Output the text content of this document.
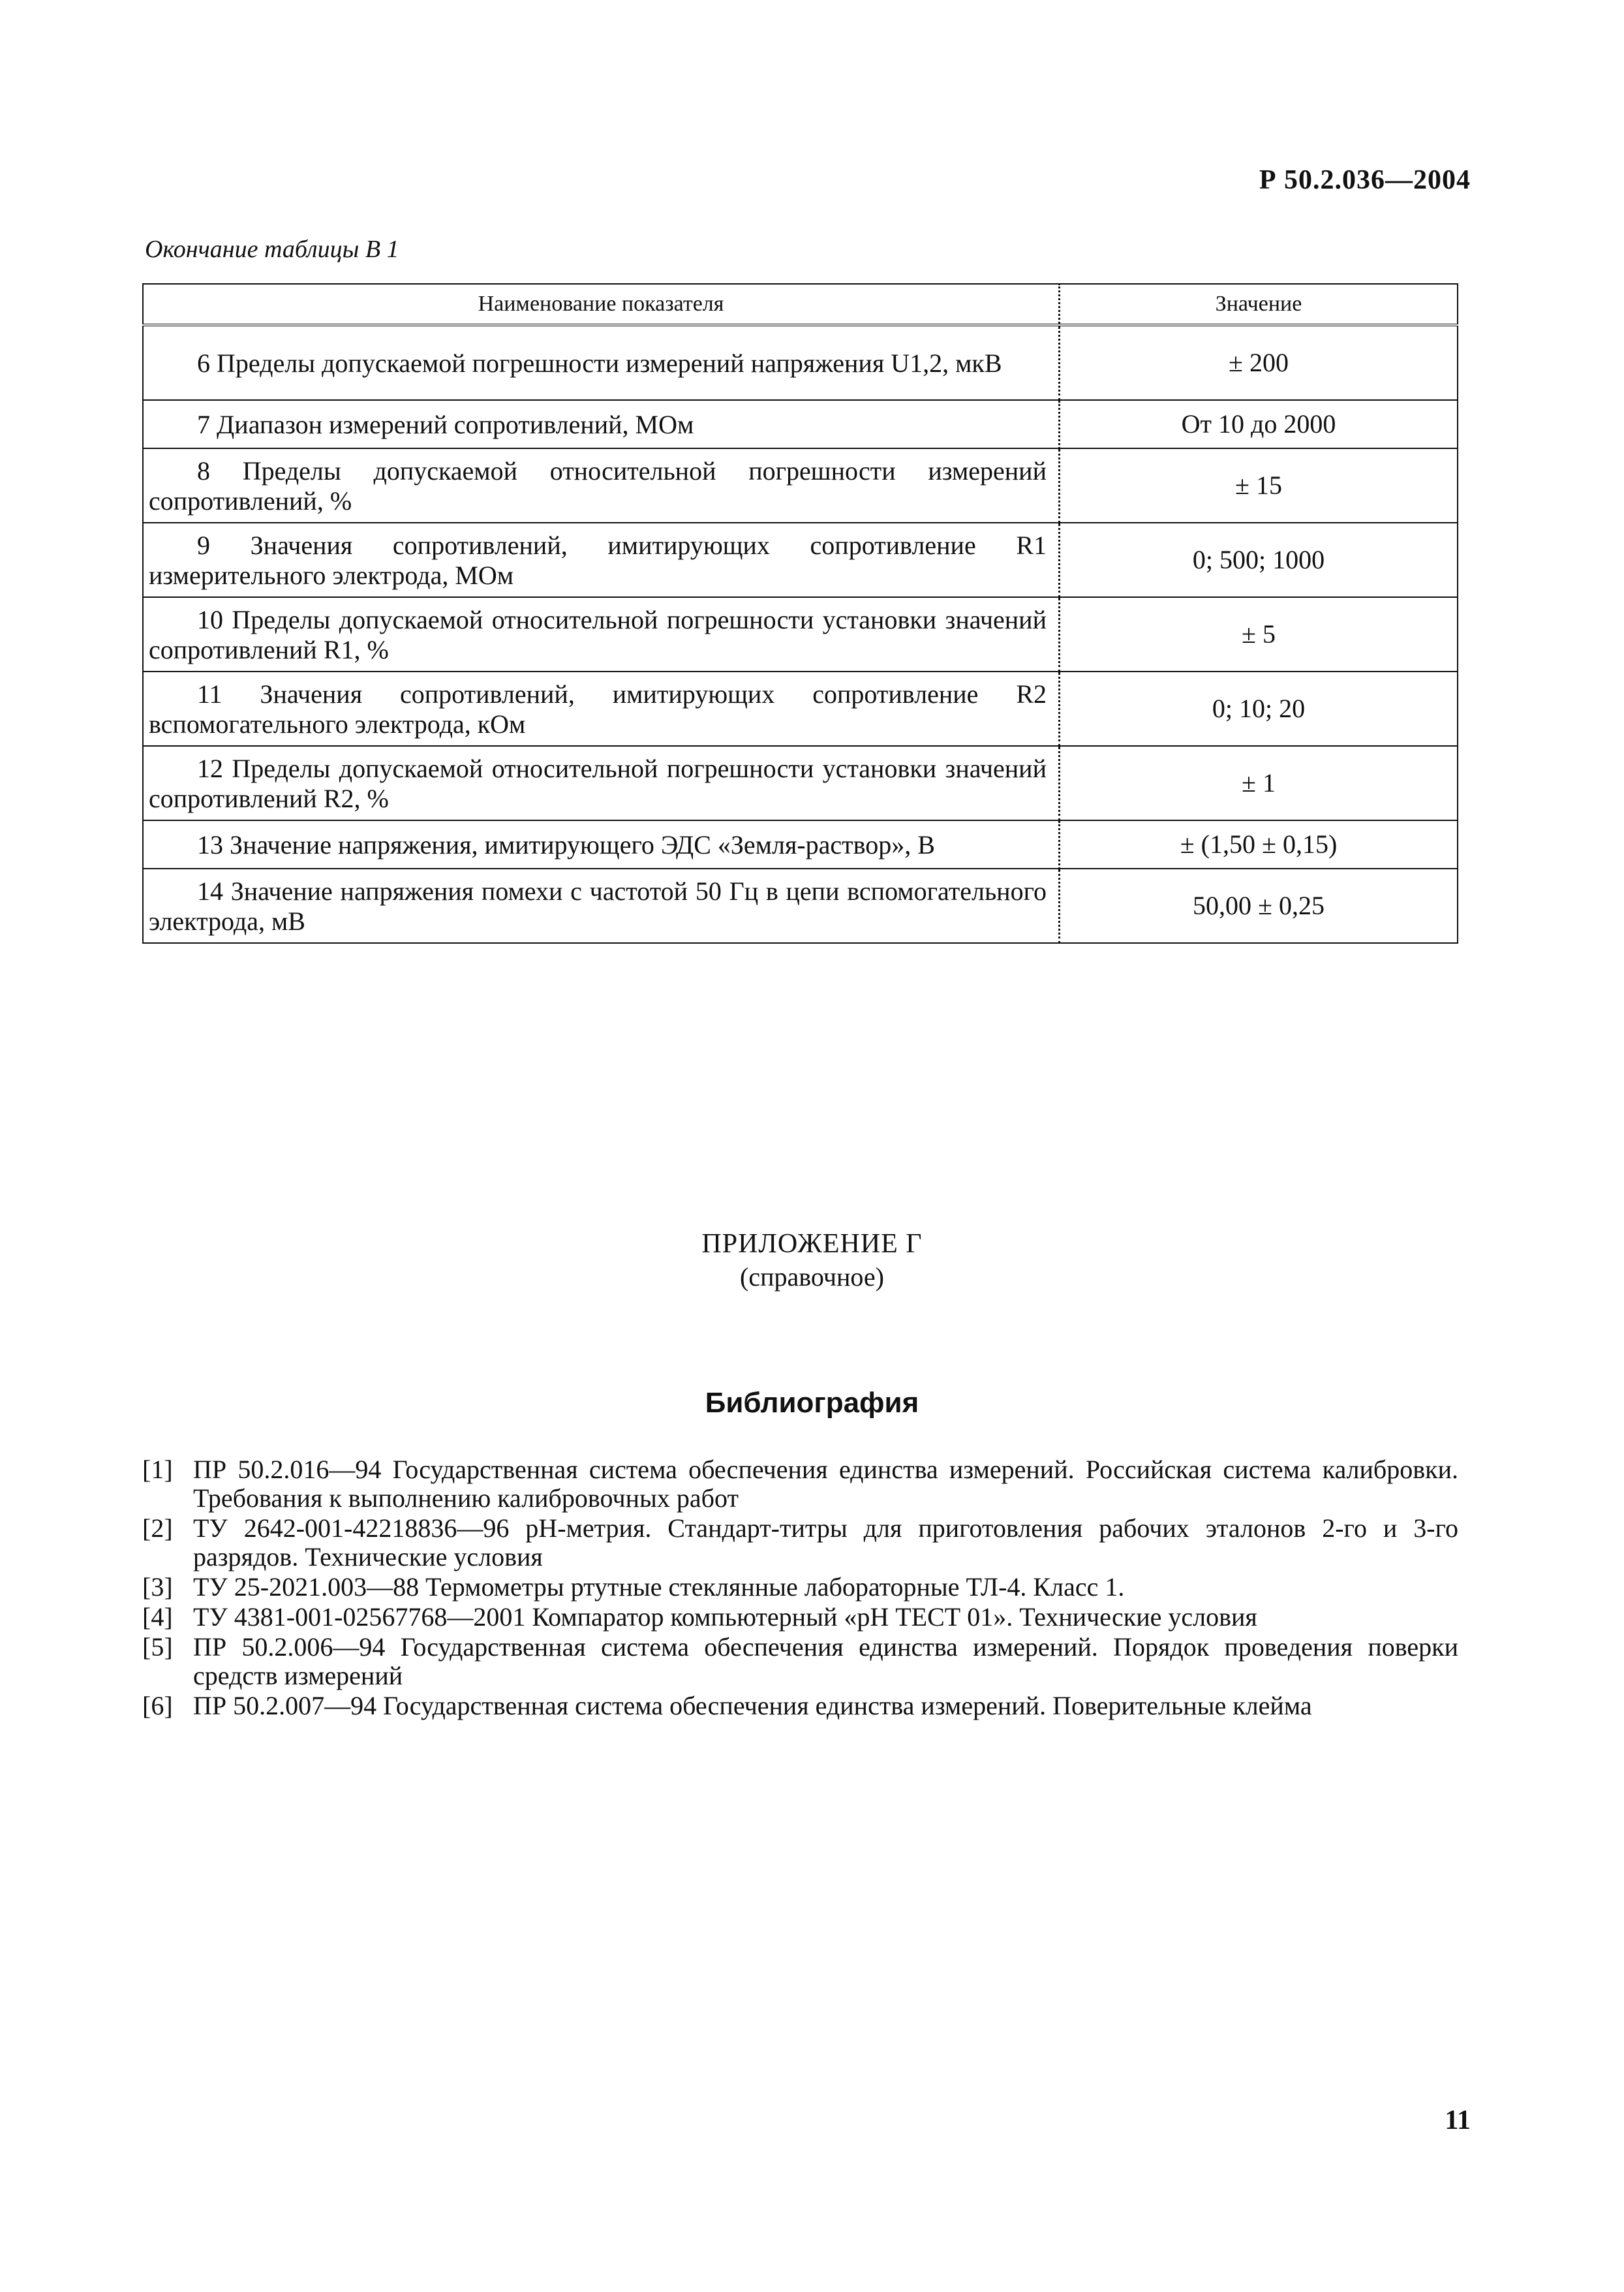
Р 50.2.036—2004
Окончание таблицы В 1
Наименование показателя	Значение

6 Пределы допускаемой погрешности измерений напряжения U1,2, мкВ	± 200

7 Диапазон измерений сопротивлений, МОм	От 10 до 2000

8 Пределы допускаемой относительной погрешности измерений сопротивлений, %	± 15

9 Значения сопротивлений, имитирующих сопротивление R1 измерительного электрода, МОм	0; 500; 1000

10 Пределы допускаемой относительной погрешности установки значений сопротивлений R1, %	± 5

11 Значения сопротивлений, имитирующих сопротивление R2 вспомогательного электрода, кОм	0; 10; 20

12 Пределы допускаемой относительной погрешности установки значений сопротивлений R2, %	± 1

13 Значение напряжения, имитирующего ЭДС «Земля-раствор», В	± (1,50 ± 0,15)

14 Значение напряжения помехи с частотой 50 Гц в цепи вспомогательного электрода, мВ	50,00 ± 0,25
ПРИЛОЖЕНИЕ Г
(справочное)
Библиография
[1] ПР 50.2.016—94 Государственная система обеспечения единства измерений. Российская система калибровки. Требования к выполнению калибровочных работ
[2] ТУ 2642-001-42218836—96 рН-метрия. Стандарт-титры для приготовления рабочих эталонов 2-го и 3-го разрядов. Технические условия
[3] ТУ 25-2021.003—88 Термометры ртутные стеклянные лабораторные ТЛ-4. Класс 1.
[4] ТУ 4381-001-02567768—2001 Компаратор компьютерный «рН ТЕСТ 01». Технические условия
[5] ПР 50.2.006—94 Государственная система обеспечения единства измерений. Порядок проведения поверки средств измерений
[6] ПР 50.2.007—94 Государственная система обеспечения единства измерений. Поверительные клейма
11
